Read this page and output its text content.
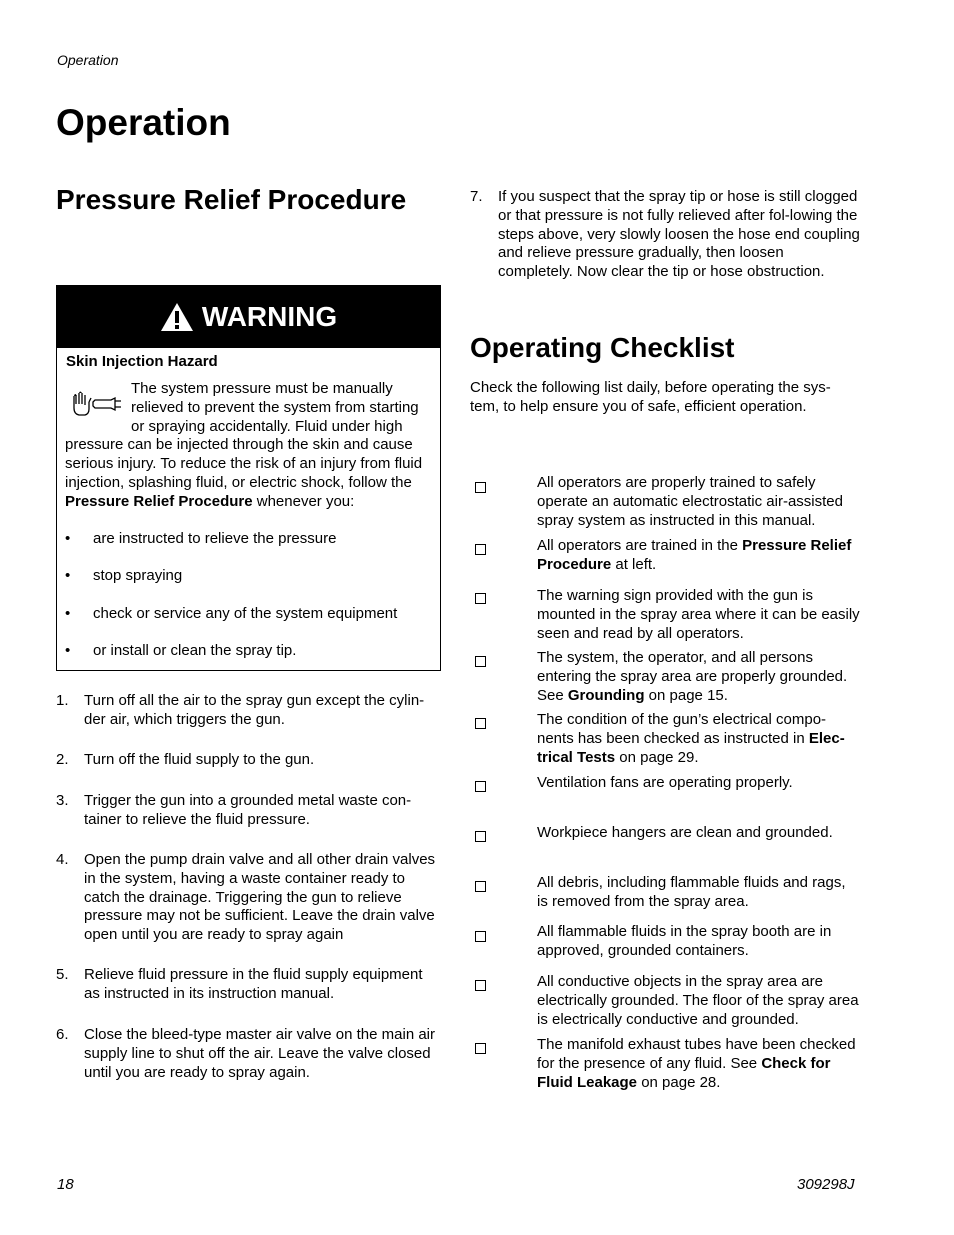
Operation
Operation
Pressure Relief Procedure
WARNING
Skin Injection Hazard
The system pressure must be manually relieved to prevent the system from starting or spraying accidentally. Fluid under high pressure can be injected through the skin and cause serious injury. To reduce the risk of an injury from fluid injection, splashing fluid, or electric shock, follow the Pressure Relief Procedure whenever you:
• are instructed to relieve the pressure
• stop spraying
• check or service any of the system equipment
• or install or clean the spray tip.
1. Turn off all the air to the spray gun except the cylin-der air, which triggers the gun.
2. Turn off the fluid supply to the gun.
3. Trigger the gun into a grounded metal waste con-tainer to relieve the fluid pressure.
4. Open the pump drain valve and all other drain valves in the system, having a waste container ready to catch the drainage. Triggering the gun to relieve pressure may not be sufficient. Leave the drain valve open until you are ready to spray again
5. Relieve fluid pressure in the fluid supply equipment as instructed in its instruction manual.
6. Close the bleed-type master air valve on the main air supply line to shut off the air. Leave the valve closed until you are ready to spray again.
7. If you suspect that the spray tip or hose is still clogged or that pressure is not fully relieved after fol-lowing the steps above, very slowly loosen the hose end coupling and relieve pressure gradually, then loosen completely. Now clear the tip or hose obstruction.
Operating Checklist
Check the following list daily, before operating the sys-tem, to help ensure you of safe, efficient operation.
All operators are properly trained to safely operate an automatic electrostatic air-assisted spray system as instructed in this manual.
All operators are trained in the Pressure Relief Procedure at left.
The warning sign provided with the gun is mounted in the spray area where it can be easily seen and read by all operators.
The system, the operator, and all persons entering the spray area are properly grounded. See Grounding on page 15.
The condition of the gun’s electrical compo-nents has been checked as instructed in Elec-trical Tests on page 29.
Ventilation fans are operating properly.
Workpiece hangers are clean and grounded.
All debris, including flammable fluids and rags, is removed from the spray area.
All flammable fluids in the spray booth are in approved, grounded containers.
All conductive objects in the spray area are electrically grounded. The floor of the spray area is electrically conductive and grounded.
The manifold exhaust tubes have been checked for the presence of any fluid. See Check for Fluid Leakage on page 28.
18	309298J
